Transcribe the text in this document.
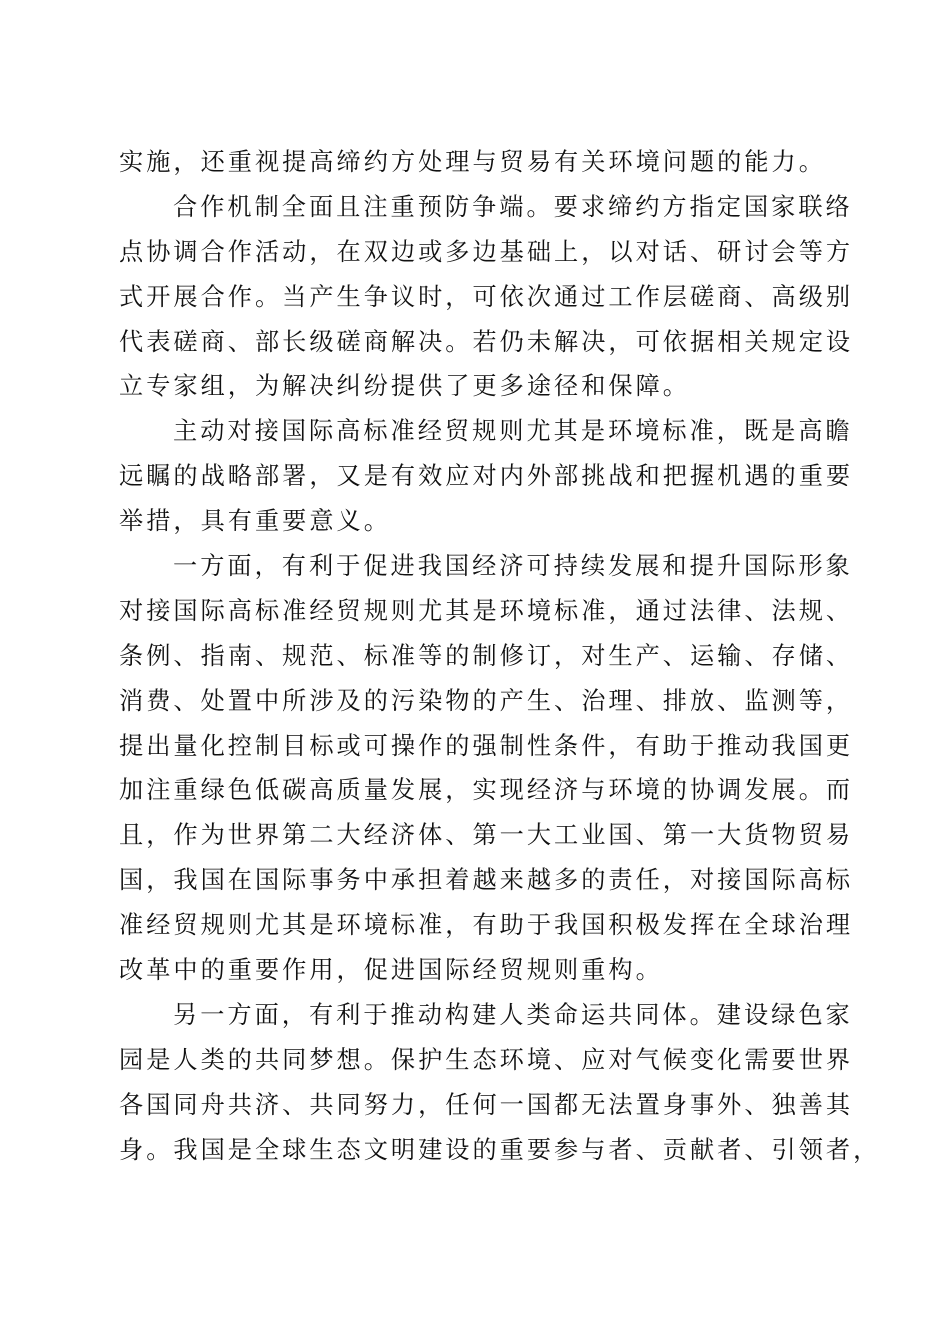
实施，还重视提高缔约方处理与贸易有关环境问题的能力。
合作机制全面且注重预防争端。要求缔约方指定国家联络
点协调合作活动，在双边或多边基础上，以对话、研讨会等方
式开展合作。当产生争议时，可依次通过工作层磋商、高级别
代表磋商、部长级磋商解决。若仍未解决，可依据相关规定设
立专家组，为解决纠纷提供了更多途径和保障。
主动对接国际高标准经贸规则尤其是环境标准，既是高瞻
远瞩的战略部署，又是有效应对内外部挑战和把握机遇的重要
举措，具有重要意义。
一方面，有利于促进我国经济可持续发展和提升国际形象
对接国际高标准经贸规则尤其是环境标准，通过法律、法规、
条例、指南、规范、标准等的制修订，对生产、运输、存储、
消费、处置中所涉及的污染物的产生、治理、排放、监测等，
提出量化控制目标或可操作的强制性条件，有助于推动我国更
加注重绿色低碳高质量发展，实现经济与环境的协调发展。而
且，作为世界第二大经济体、第一大工业国、第一大货物贸易
国，我国在国际事务中承担着越来越多的责任，对接国际高标
准经贸规则尤其是环境标准，有助于我国积极发挥在全球治理
改革中的重要作用，促进国际经贸规则重构。
另一方面，有利于推动构建人类命运共同体。建设绿色家
园是人类的共同梦想。保护生态环境、应对气候变化需要世界
各国同舟共济、共同努力，任何一国都无法置身事外、独善其
身。我国是全球生态文明建设的重要参与者、贡献者、引领者，
